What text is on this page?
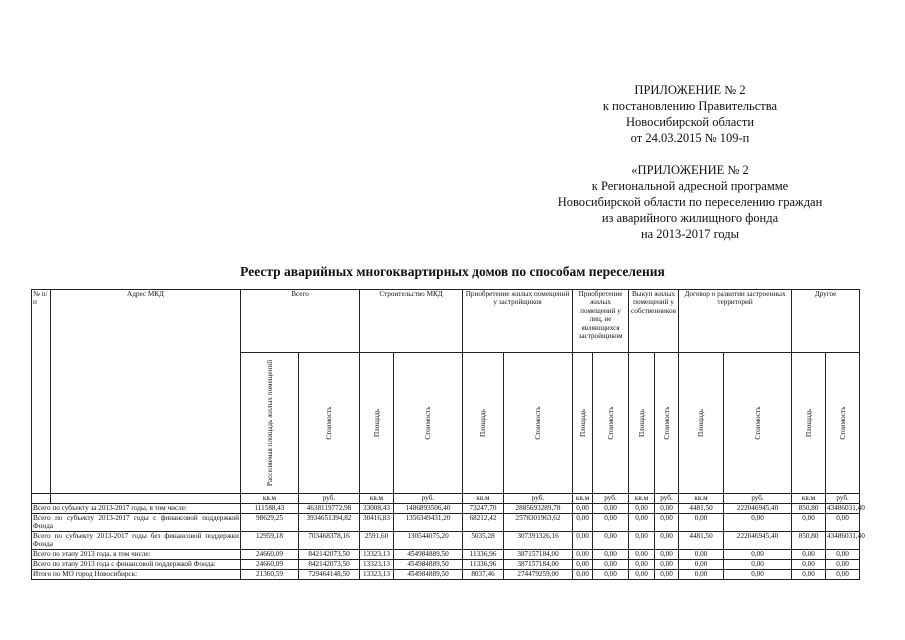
ПРИЛОЖЕНИЕ № 2
к постановлению Правительства
Новосибирской области
от 24.03.2015 № 109-п
«ПРИЛОЖЕНИЕ № 2
к Региональной адресной программе
Новосибирской области по переселению граждан
из аварийного жилищного фонда
на 2013-2017 годы
Реестр аварийных многоквартирных домов по способам переселения
№ п/п	Адрес МКД	Всего		Строительство МКД		Приобретение жилых помещений у застройщиков		Приобретение жилых помещений у лиц, не являющихся застройщиком		Выкуп жилых помещений у собственников		Договор о развитии застроенных территорий		Другое	

		Расселяемая площадь жилых помещений	Стоимость	Площадь	Стоимость	Площадь	Стоимость	Площадь	Стоимость	Площадь	Стоимость	Площадь	Стоимость	Площадь	Стоимость

		кв.м	руб.	кв.м	руб.	кв.м	руб.	кв.м	руб.	кв.м	руб.	кв.м	руб.	кв.м	руб.
Всего по субъекту за 2013-2017 годы, в том числе:		111588,43	4638119772,98	33008,43	1486893506,40	73247,70	2885693289,78	0,00	0,00	0,00	0,00	4481,50	222046945,40	850,80	43486031,40
Всего по субъекту 2013-2017 годы с финансовой поддержкой Фонда		98629,25	3934651394,82	30416,83	1356349431,20	68212,42	2578301963,62	0,00	0,00	0,00	0,00	0,00	0,00	0,00	0,00
Всего по субъекту 2013-2017 годы без финансовой поддержки Фонда		12959,18	703468378,16	2591,60	130544075,20	5035,28	307391326,16	0,00	0,00	0,00	0,00	4481,50	222046945,40	850,80	43486031,40
Всего по этапу 2013 года, в том числе:		24660,09	842142073,50	13323,13	454984889,50	11336,96	387157184,00	0,00	0,00	0,00	0,00	0,00	0,00	0,00	0,00
Всего по этапу 2013 года с финансовой поддержкой Фонда:		24660,09	842142073,50	13323,13	454984889,50	11336,96	387157184,00	0,00	0,00	0,00	0,00	0,00	0,00	0,00	0,00
Итого по МО город Новосибирск:		21360,59	729464148,50	13323,13	454984889,50	8037,46	274479259,00	0,00	0,00	0,00	0,00	0,00	0,00	0,00	0,00
